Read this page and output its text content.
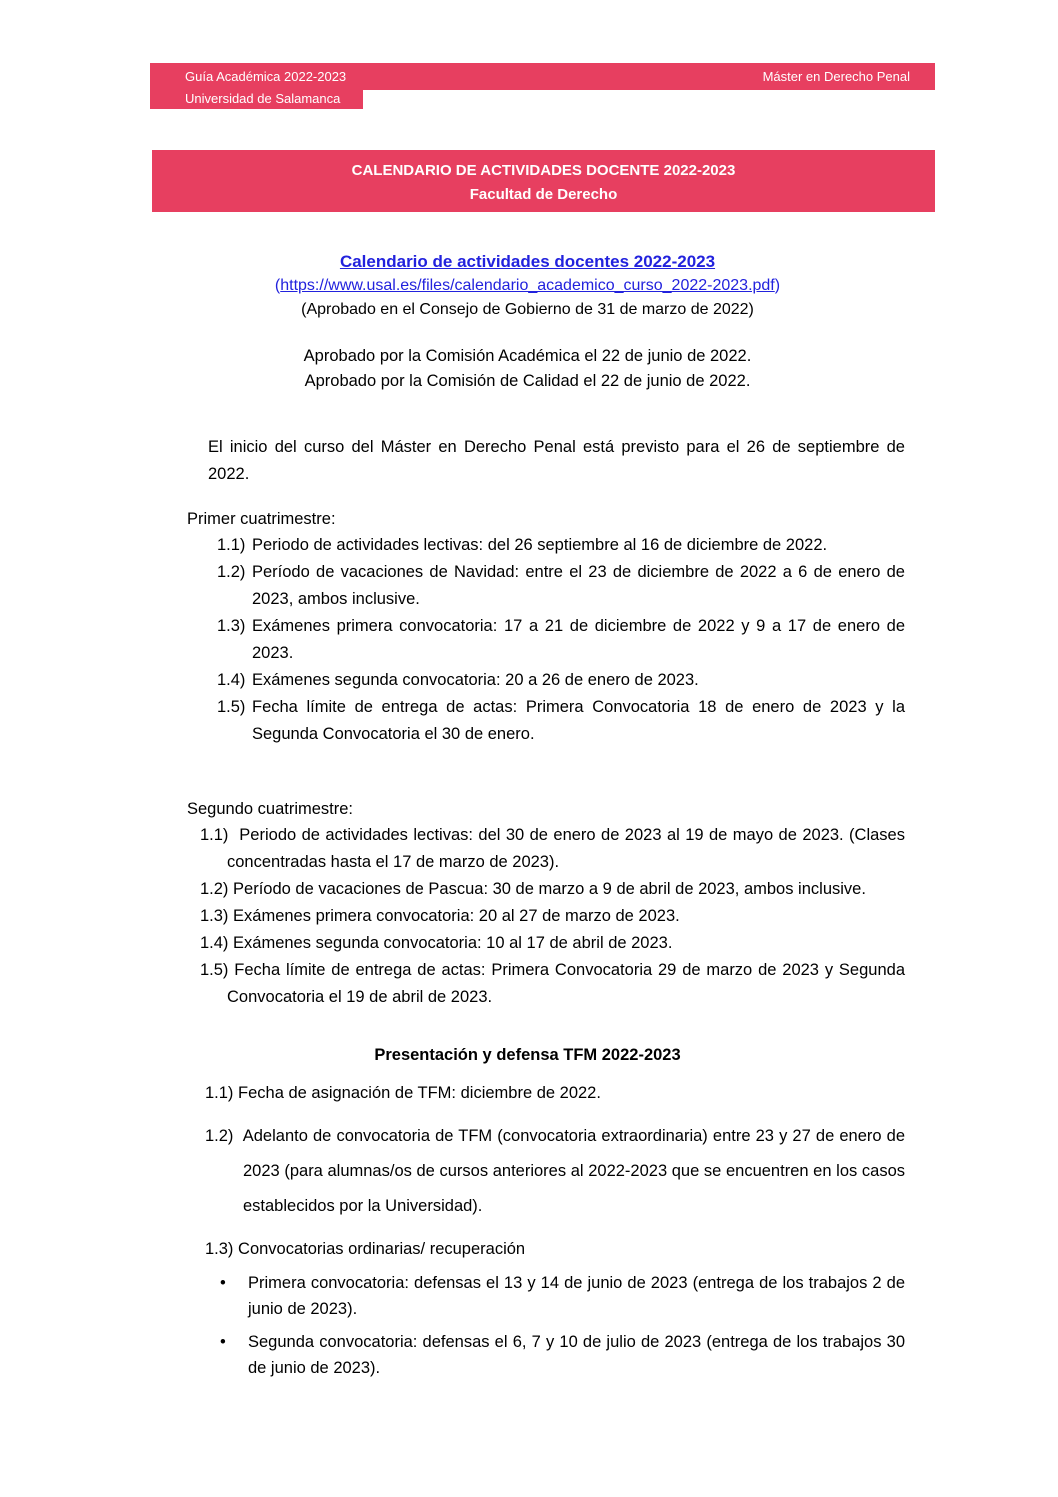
Guía Académica 2022-2023	Máster en Derecho Penal
Universidad de Salamanca
CALENDARIO DE ACTIVIDADES DOCENTE 2022-2023
Facultad de Derecho
Calendario de actividades docentes 2022-2023
(https://www.usal.es/files/calendario_academico_curso_2022-2023.pdf)
(Aprobado en el Consejo de Gobierno de 31 de marzo de 2022)
Aprobado por la Comisión Académica el 22 de junio de 2022.
Aprobado por la Comisión de Calidad el 22 de junio de 2022.

El inicio del curso del Máster en Derecho Penal está previsto para el 26 de septiembre de 2022.

Primer cuatrimestre:
1.1) Periodo de actividades lectivas: del 26 septiembre al 16 de diciembre de 2022.
1.2) Período de vacaciones de Navidad: entre el 23 de diciembre de 2022 a 6 de enero de 2023, ambos inclusive.
1.3) Exámenes primera convocatoria: 17 a 21 de diciembre de 2022 y 9 a 17 de enero de 2023.
1.4) Exámenes segunda convocatoria: 20 a 26 de enero de 2023.
1.5) Fecha límite de entrega de actas: Primera Convocatoria 18 de enero de 2023 y la Segunda Convocatoria el 30 de enero.
Segundo cuatrimestre:
1.1) Periodo de actividades lectivas: del 30 de enero de 2023 al 19 de mayo de 2023. (Clases concentradas hasta el 17 de marzo de 2023).
1.2) Período de vacaciones de Pascua: 30 de marzo a 9 de abril de 2023, ambos inclusive.
1.3) Exámenes primera convocatoria: 20 al 27 de marzo de 2023.
1.4) Exámenes segunda convocatoria: 10 al 17 de abril de 2023.
1.5) Fecha límite de entrega de actas: Primera Convocatoria 29 de marzo de 2023 y Segunda Convocatoria el 19 de abril de 2023.
Presentación y defensa TFM 2022-2023
1.1) Fecha de asignación de TFM: diciembre de 2022.
1.2) Adelanto de convocatoria de TFM (convocatoria extraordinaria) entre 23 y 27 de enero de 2023 (para alumnas/os de cursos anteriores al 2022-2023 que se encuentren en los casos establecidos por la Universidad).
1.3) Convocatorias ordinarias/ recuperación
•	Primera convocatoria: defensas el 13 y 14 de junio de 2023 (entrega de los trabajos 2 de junio de 2023).
•	Segunda convocatoria: defensas el 6, 7 y 10 de julio de 2023 (entrega de los trabajos 30 de junio de 2023).
